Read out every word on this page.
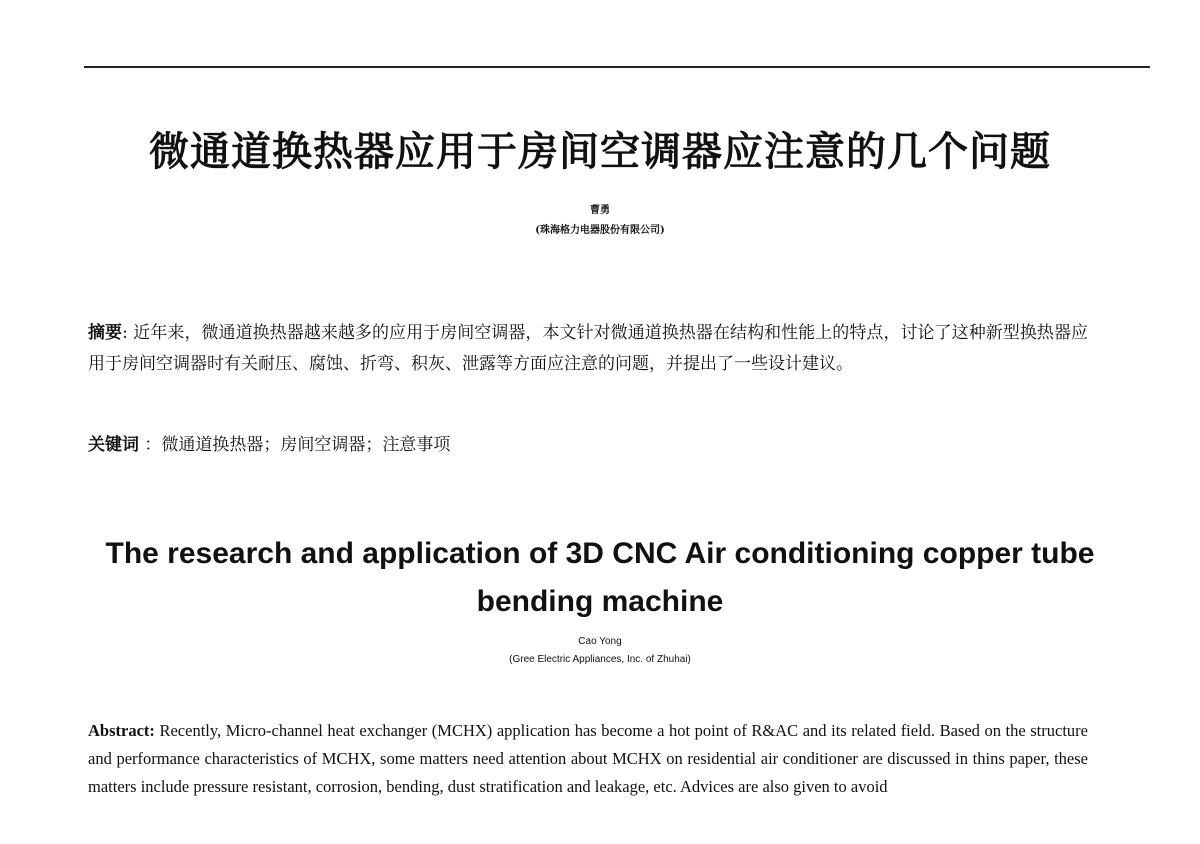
微通道换热器应用于房间空调器应注意的几个问题
曹勇
(珠海格力电器股份有限公司)
摘要: 近年来，微通道换热器越来越多的应用于房间空调器，本文针对微通道换热器在结构和性能上的特点，讨论了这种新型换热器应用于房间空调器时有关耐压、腐蚀、折弯、积灰、泄露等方面应注意的问题，并提出了一些设计建议。
关键词 ：微通道换热器；房间空调器；注意事项
The research and application of 3D CNC Air conditioning copper tube bending machine
Cao Yong
(Gree Electric Appliances, Inc. of Zhuhai)
Abstract: Recently, Micro-channel heat exchanger (MCHX) application has become a hot point of R&AC and its related field. Based on the structure and performance characteristics of MCHX, some matters need attention about MCHX on residential air conditioner are discussed in thins paper, these matters include pressure resistant, corrosion, bending, dust stratification and leakage, etc. Advices are also given to avoid
